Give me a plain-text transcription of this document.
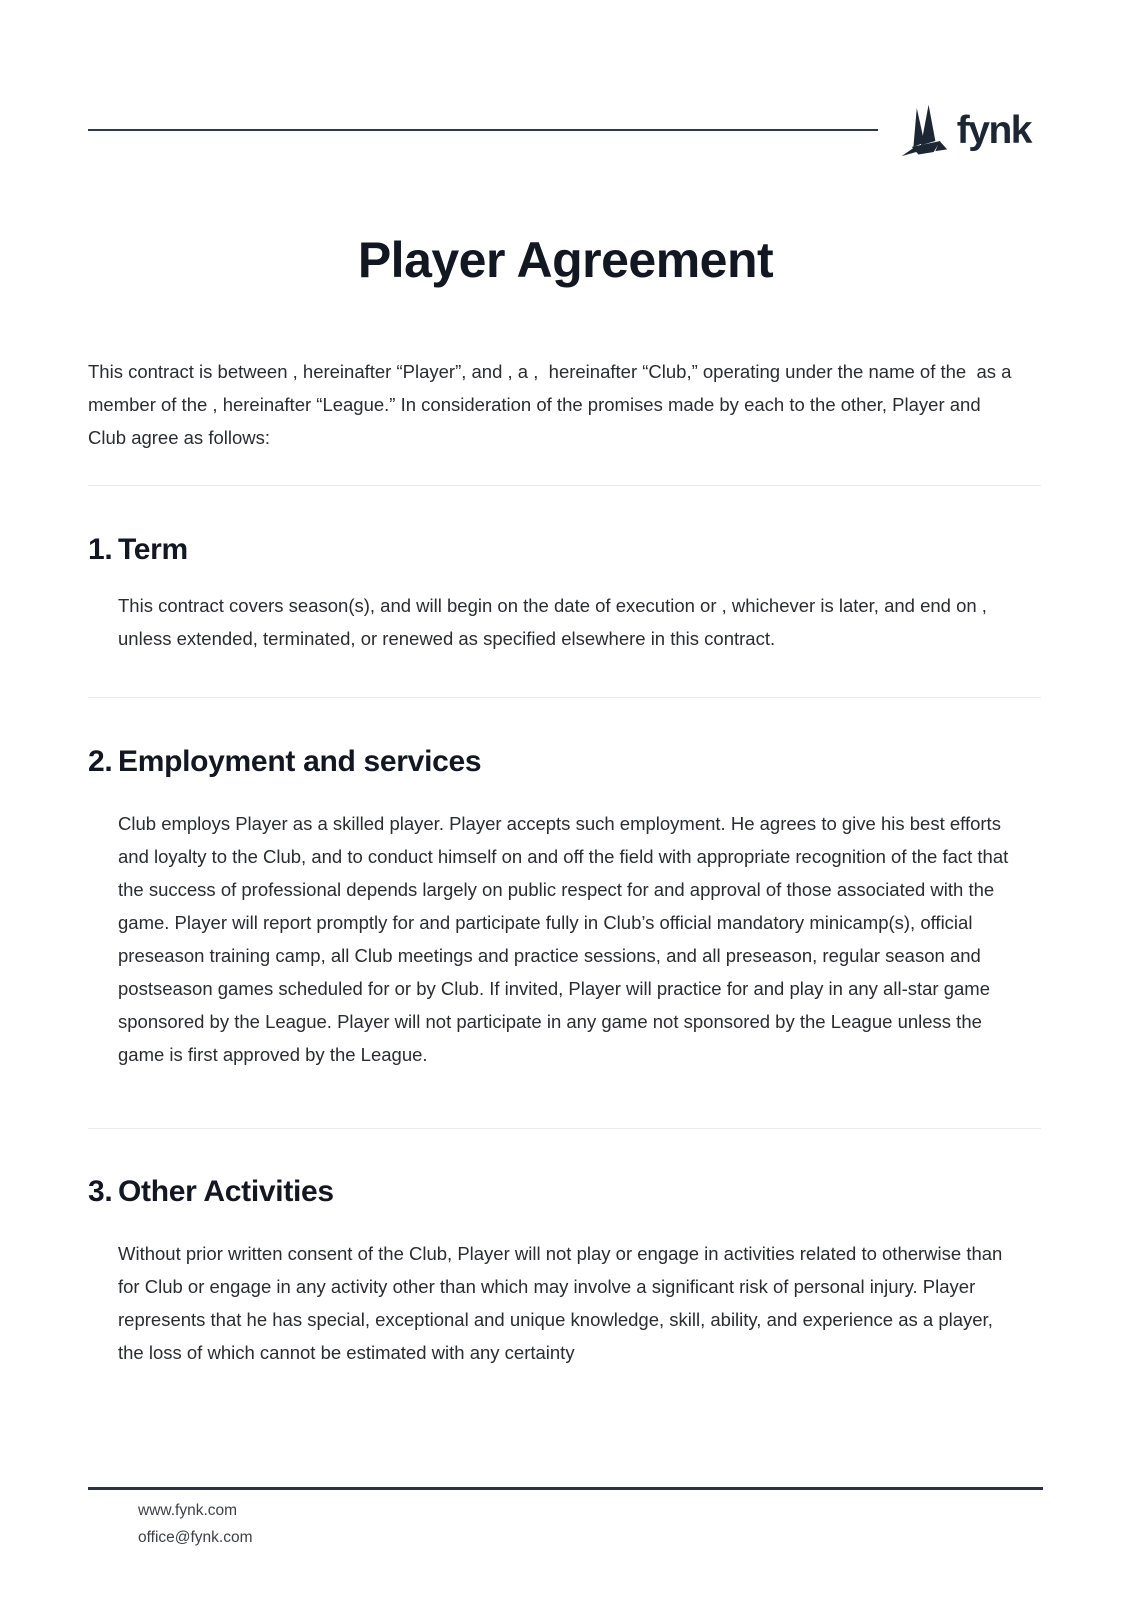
fynk
Player Agreement

This contract is between , hereinafter “Player”, and , a ,  hereinafter “Club,” operating under the name of the  as a member of the , hereinafter “League.” In consideration of the promises made by each to the other, Player and Club agree as follows:

1. Term

This contract covers season(s), and will begin on the date of execution or , whichever is later, and end on , unless extended, terminated, or renewed as specified elsewhere in this contract.

2. Employment and services

Club employs Player as a skilled player. Player accepts such employment. He agrees to give his best efforts and loyalty to the Club, and to conduct himself on and off the field with appropriate recognition of the fact that the success of professional depends largely on public respect for and approval of those associated with the game. Player will report promptly for and participate fully in Club’s official mandatory minicamp(s), official preseason training camp, all Club meetings and practice sessions, and all preseason, regular season and postseason games scheduled for or by Club. If invited, Player will practice for and play in any all-star game sponsored by the League. Player will not participate in any game not sponsored by the League unless the game is first approved by the League.

3. Other Activities

Without prior written consent of the Club, Player will not play or engage in activities related to otherwise than for Club or engage in any activity other than which may involve a significant risk of personal injury. Player represents that he has special, exceptional and unique knowledge, skill, ability, and experience as a player, the loss of which cannot be estimated with any certainty

www.fynk.com
office@fynk.com
